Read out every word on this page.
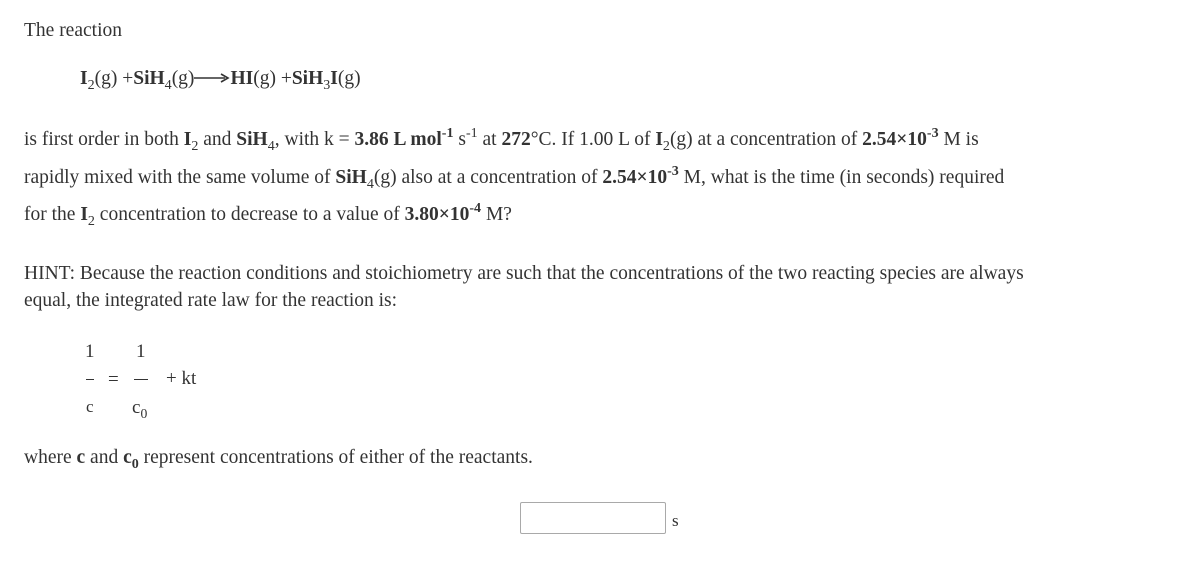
The reaction
$I_2(g) +SiH_4(g)\to HI(g) +SiH_3I(g)$
is first order in both $I_2$ and SiH$_4$, with k = 3.86 L mol$^{-1}$ $s^{-1}$ at 272°C. If 1.00 L of $I_2(g)$ at a concentration of $2.54\times 10^{-3}$ M is
rapidly mixed with the same volume of SiH$_4$(g) also at a concentration of $2.54\times 10^{-3}$ M, what is the time (in seconds) required
for the $I_2$ concentration to decrease to a value of $3.80\times 10^{-4}$ M?
HINT: Because the reaction conditions and stoichiometry are such that the concentrations of the two reacting species are always
equal, the integrated rate law for the reaction is:
1
c
=
1
$c_0$
+ kt
where c and $c_0$ represent concentrations of either of the reactants.
s
